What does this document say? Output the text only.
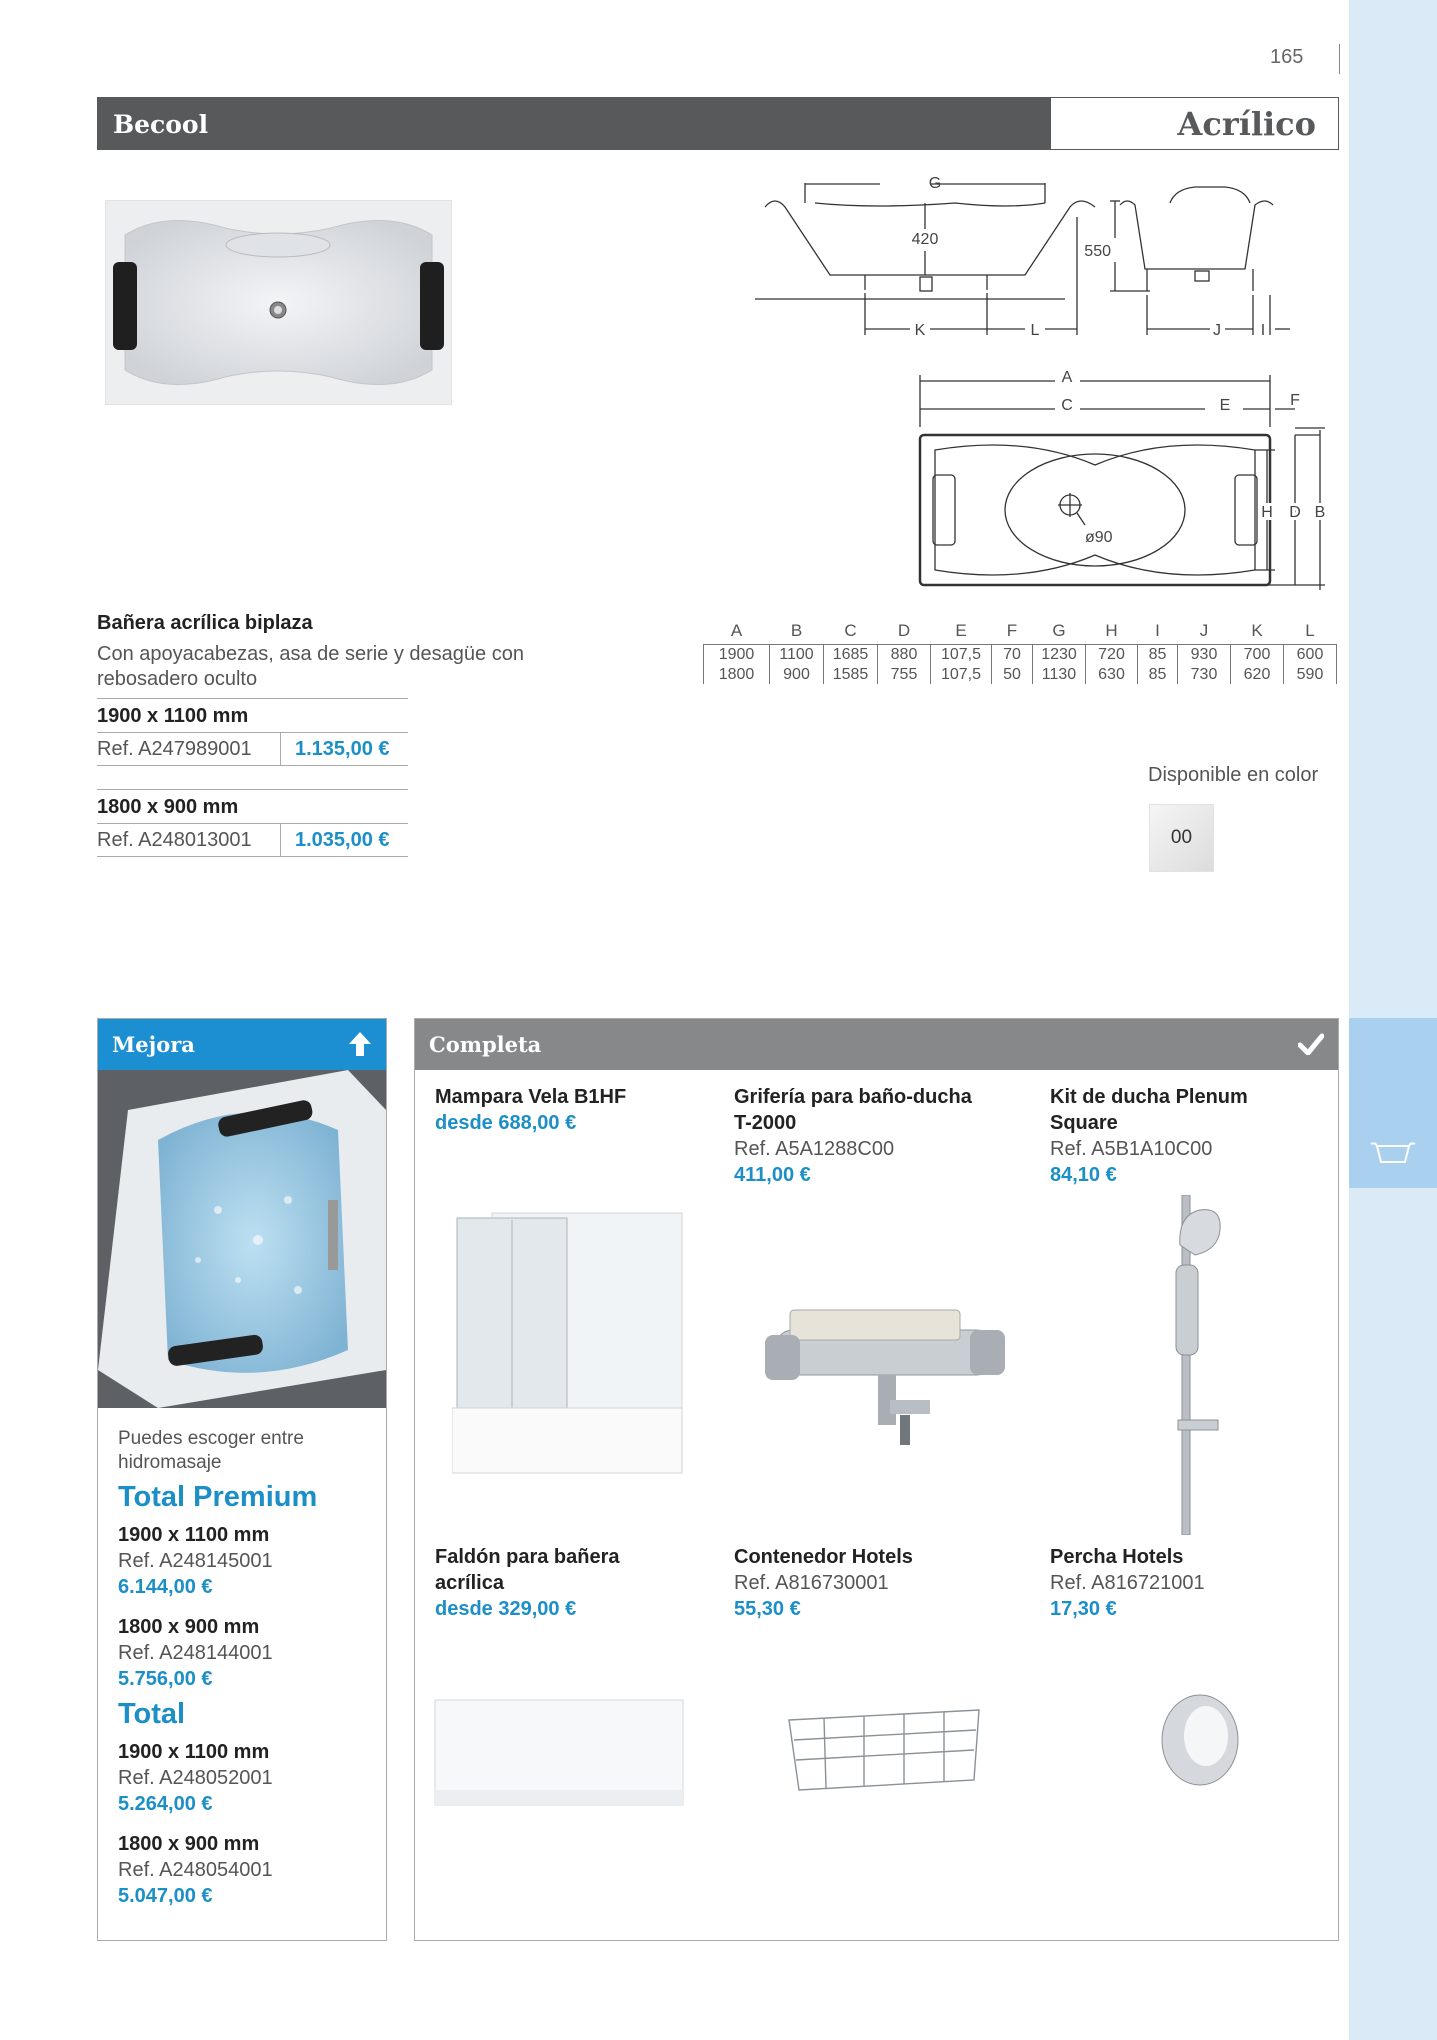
165
Becool	Acrílico
G
420
K	L
550
J I
A
C	E	F
H D B
ø90
Bañera acrílica biplaza
Con apoyacabezas, asa de serie y desagüe con rebosadero oculto
1900 x 1100 mm
Ref. A247989001	1.135,00 €
1800 x 900 mm
Ref. A248013001	1.035,00 €
A	B	C	D	E	F	G	H	I	J	K	L
1900	1100	1685	880	107,5	70	1230	720	85	930	700	600
1800	900	1585	755	107,5	50	1130	630	85	730	620	590
Disponible en color
00
Mejora
Puedes escoger entre hidromasaje
Total Premium
1900 x 1100 mm
Ref. A248145001
6.144,00 €
1800 x 900 mm
Ref. A248144001
5.756,00 €
Total
1900 x 1100 mm
Ref. A248052001
5.264,00 €
1800 x 900 mm
Ref. A248054001
5.047,00 €
Completa
Mampara Vela B1HF
desde 688,00 €
Grifería para baño-ducha
T-2000
Ref. A5A1288C00
411,00 €
Kit de ducha Plenum
Square
Ref. A5B1A10C00
84,10 €
Faldón para bañera
acrílica
desde 329,00 €
Contenedor Hotels
Ref. A816730001
55,30 €
Percha Hotels
Ref. A816721001
17,30 €
